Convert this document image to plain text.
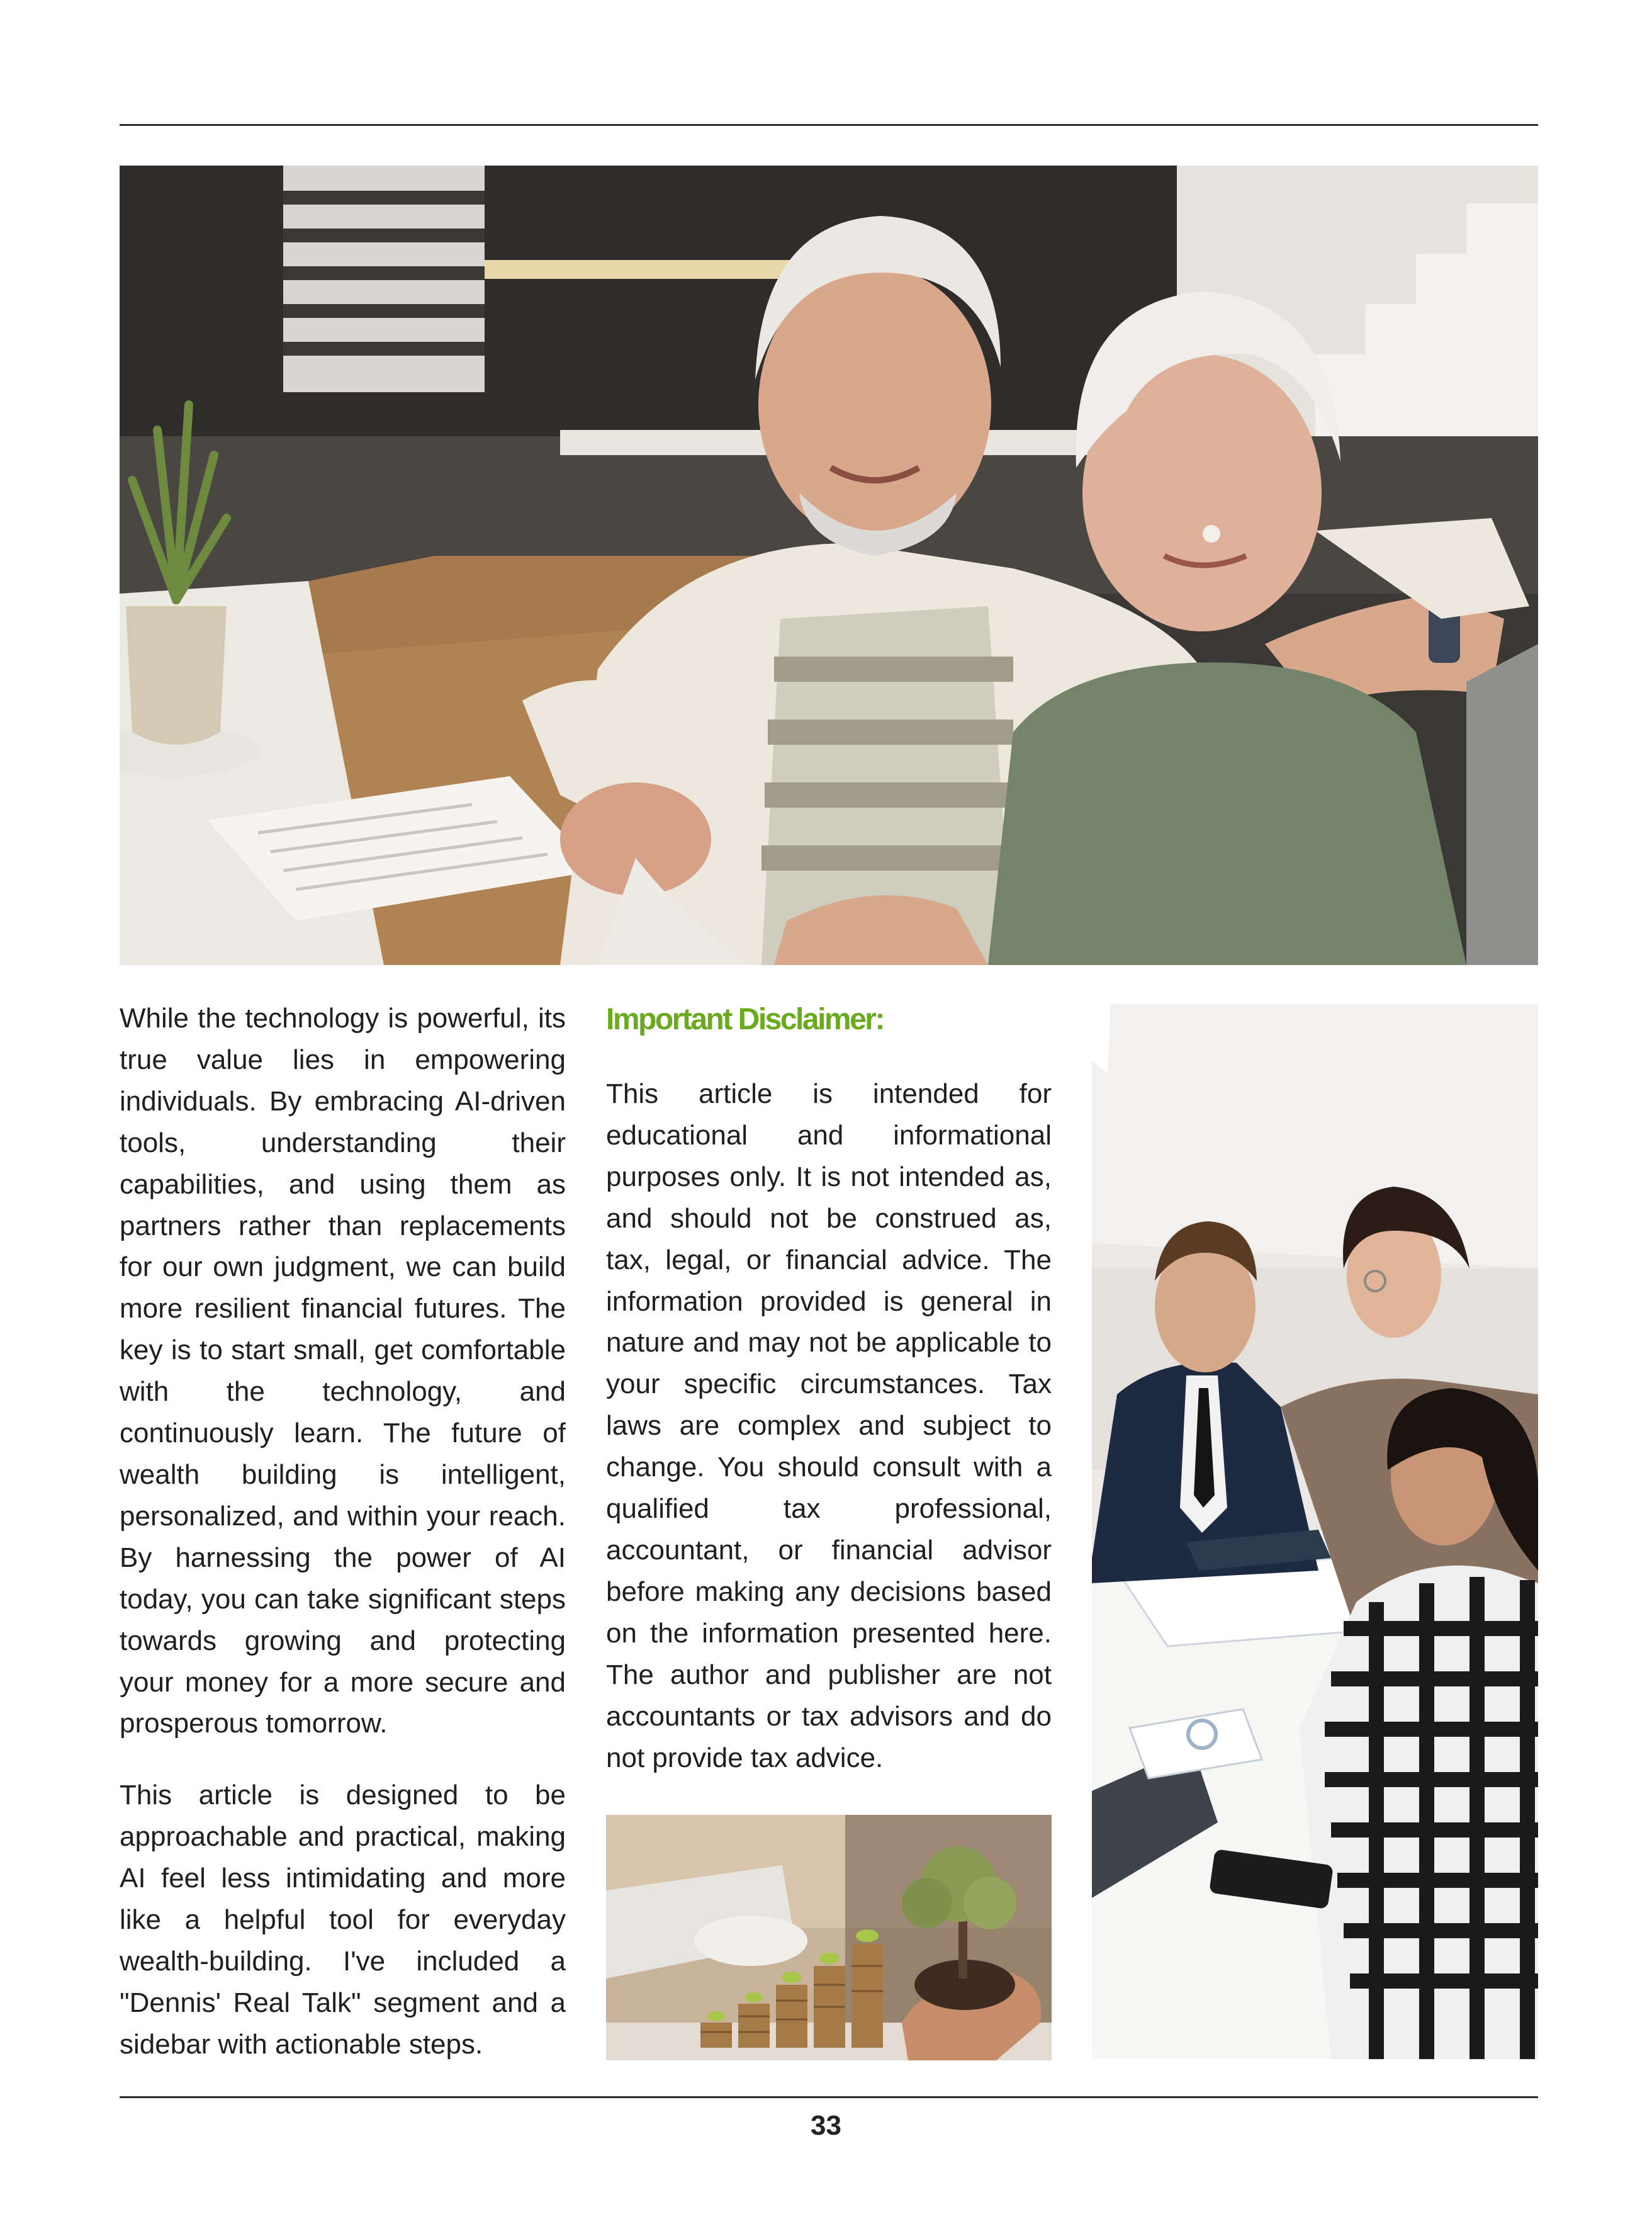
While the technology is powerful, its true value lies in empowering individuals. By embracing AI-driven tools, understanding their capabilities, and using them as partners rather than replacements for our own judgment, we can build more resilient financial futures. The key is to start small, get comfortable with the technology, and continuously learn. The future of wealth building is intelligent, personalized, and within your reach. By harnessing the power of AI today, you can take significant steps towards growing and protecting your money for a more secure and prosperous tomorrow.

This article is designed to be approachable and practical, making AI feel less intimidating and more like a helpful tool for everyday wealth-building. I've included a "Dennis' Real Talk" segment and a sidebar with actionable steps.

Important Disclaimer:

This article is intended for educational and informational purposes only. It is not intended as, and should not be construed as, tax, legal, or financial advice. The information provided is general in nature and may not be applicable to your specific circumstances. Tax laws are complex and subject to change. You should consult with a qualified tax professional, accountant, or financial advisor before making any decisions based on the information presented here. The author and publisher are not accountants or tax advisors and do not provide tax advice.

33
